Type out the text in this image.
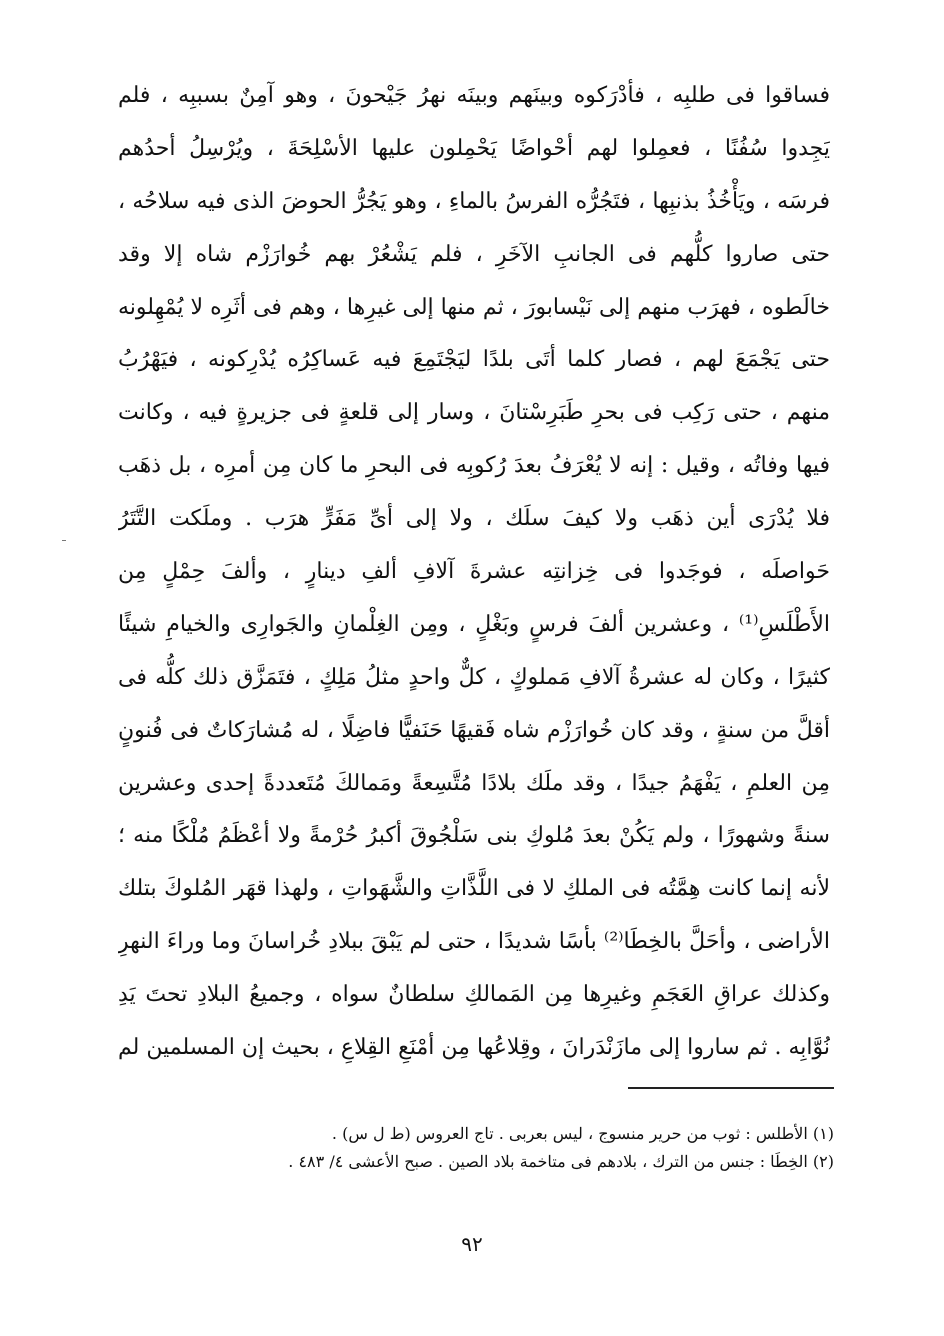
فساقوا فى طلبِه ، فأدْرَكوه وبينَهم وبينَه نهرُ جَيْحونَ ، وهو آمِنٌ بسببِه ، فلم
يَجِدوا سُفُنًا ، فعمِلوا لهم أحْواضًا يَحْمِلون عليها الأسْلِحَةَ ، ويُرْسِلُ أحدُهم
فرسَه ، ويَأْخُذُ بذنبِها ، فتَجُرُّه الفرسُ بالماءِ ، وهو يَجُرُّ الحوضَ الذى فيه سلاحُه ،
حتى صاروا كلُّهم فى الجانبِ الآخَرِ ، فلم يَشْعُرْ بهم خُوارَزْم شاه إلا وقد
خالَطوه ، فهرَب منهم إلى نَيْسابورَ ، ثم منها إلى غيرِها ، وهم فى أثَرِه لا يُمْهِلونه
حتى يَجْمَعَ لهم ، فصار كلما أتَى بلدًا ليَجْتَمِعَ فيه عَساكِرُه يُدْرِكونه ، فيَهْرُبُ
منهم ، حتى رَكِب فى بحرِ طَبَرِسْتانَ ، وسار إلى قلعةٍ فى جزيرةٍ فيه ، وكانت
فيها وفاتُه ، وقيل : إنه لا يُعْرَفُ بعدَ رُكوبِه فى البحرِ ما كان مِن أمرِه ، بل ذهَب
فلا يُدْرَى أين ذهَب ولا كيفَ سلَك ، ولا إلى أىِّ مَفَرٍّ هرَب . وملَكت التَّتَرُ
حَواصلَه ، فوجَدوا فى خِزانتِه عشرةَ آلافِ ألفِ دينارٍ ، وألفَ حِمْلٍ مِن
الأَطْلَسِ⁽¹⁾ ، وعشرين ألفَ فرسٍ وبَغْلٍ ، ومِن الغِلْمانِ والجَوارِى والخيامِ شيئًا
كثيرًا ، وكان له عشرةُ آلافِ مَملوكٍ ، كلٌّ واحدٍ مثلُ مَلِكٍ ، فتَمَزَّق ذلك كلُّه فى
أقلَّ من سنةٍ ، وقد كان خُوارَزْم شاه فَقيهًا حَنَفيًّا فاضِلًا ، له مُشارَكاتٌ فى فُنونٍ
مِن العلمِ ، يَفْهَمُ جيدًا ، وقد ملَك بلادًا مُتَّسِعةً ومَمالكَ مُتَعددةً إحدى وعشرين
سنةً وشهورًا ، ولم يَكُنْ بعدَ مُلوكِ بنى سَلْجُوقَ أكبرُ حُرْمةً ولا أعْظَمُ مُلْكًا منه ؛
لأنه إنما كانت هِمَّتُه فى الملكِ لا فى اللَّذَّاتِ والشَّهَواتِ ، ولهذا قهَر المُلوكَ بتلك
الأراضى ، وأحَلَّ بالخِطَا⁽²⁾ بأسًا شديدًا ، حتى لم يَبْقَ ببلادِ خُراسانَ وما وراءَ النهرِ
وكذلك عراقِ العَجَمِ وغيرِها مِن المَمالكِ سلطانٌ سواه ، وجميعُ البلادِ تحتَ يَدِ
نُوَّابِه . ثم ساروا إلى مازَنْدَرانَ ، وقِلاعُها مِن أمْنَعِ القِلاعِ ، بحيث إن المسلمين لم
(١) الأطلس : ثوب من حرير منسوج ، ليس بعربى . تاج العروس (ط ل س) .
(٢) الخِطَا : جنس من الترك ، بلادهم فى متاخمة بلاد الصين . صبح الأعشى ٤/ ٤٨٣ .
٩٢
